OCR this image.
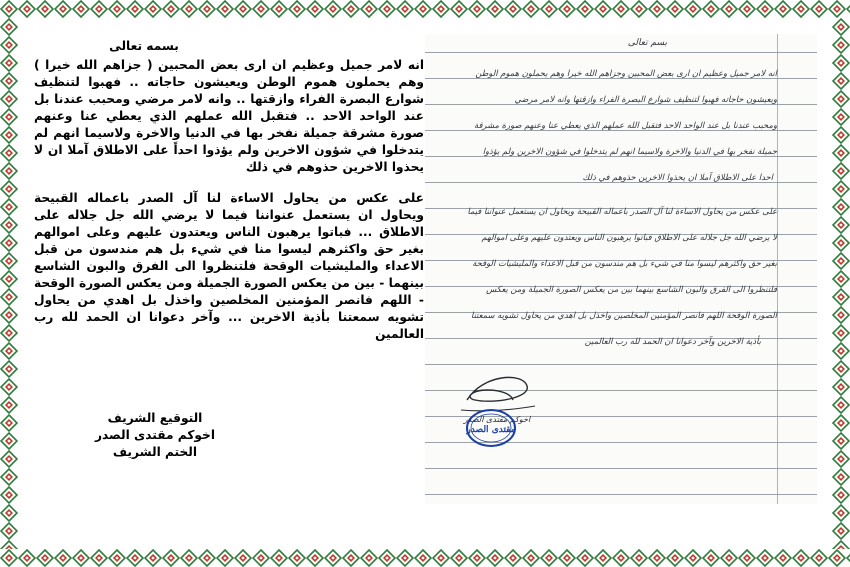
بسمه تعالى

انه لامر جميل وعظيم ان ارى بعض المحبين ( جزاهم الله خيرا ) وهم يحملون هموم الوطن ويعيشون حاجاته .. فهبوا لتنظيف شوارع البصرة الفراء وازقتها .. وانه لامر مرضي ومحبب عندنا بل عند الواحد الاحد .. فتقبل الله عملهم الذي يعطي عنا وعنهم صورة مشرقة جميلة نفخر بها في الدنيا والاخرة ولاسيما انهم لم يتدخلوا في شؤون الاخرين ولم يؤذوا احداً على الاطلاق آملا ان لا يحذوا الاخرين حذوهم في ذلك

على عكس من يحاول الاساءة لنا آل الصدر باعماله القبيحة ويحاول ان يستعمل عنواننا فيما لا يرضي الله جل جلاله على الاطلاق ... فباتوا يرهبون الناس ويعتدون عليهم وعلى اموالهم بغير حق واكثرهم ليسوا منا في شيء بل هم مندسون من قبل الاعداء والمليشيات الوقحة فلتنظروا الى الفرق والبون الشاسع بينهما - بين من يعكس الصورة الجميلة ومن يعكس الصورة الوقحة - اللهم فانصر المؤمنين المخلصين واخذل بل اهدي من يحاول تشويه سمعتنا بأذية الاخرين ... وآخر دعوانا ان الحمد لله رب العالمين

التوقيع الشريف
اخوكم مقتدى الصدر
الختم الشريف
بسم تعالى
انه لامر جميل وعظيم ان ارى بعض المحبين وجزاهم الله خيرا وهم يحملون هموم الوطن
ويعيشون حاجاته فهبوا لتنظيف شوارع البصرة الفراء وازقتها وانه لامر مرضي
ومحبب عندنا بل عند الواحد الاحد فتقبل الله عملهم الذي يعطي عنا وعنهم صورة مشرقة
جميلة نفخر بها في الدنيا والاخرة ولاسيما انهم لم يتدخلوا في شؤون الاخرين ولم يؤذوا
احدا على الاطلاق آملا ان يحذوا الاخرين حذوهم في ذلك
على عكس من يحاول الاساءة لنا آل الصدر باعماله القبيحة ويحاول ان يستعمل عنواننا فيما
لا يرضي الله جل جلاله على الاطلاق فباتوا يرهبون الناس ويعتدون عليهم وعلى اموالهم
بغير حق واكثرهم ليسوا منا في شيء بل هم مندسون من قبل الاعداء والمليشيات الوقحة
فلتنظروا الى الفرق والبون الشاسع بينهما بين من يعكس الصورة الجميلة ومن يعكس
الصورة الوقحة اللهم فانصر المؤمنين المخلصين واخذل بل اهدي من يحاول تشويه سمعتنا
بأذية الاخرين وآخر دعوانا ان الحمد لله رب العالمين
اخوكم مقتدى الصدر
مقتدى الصدر
